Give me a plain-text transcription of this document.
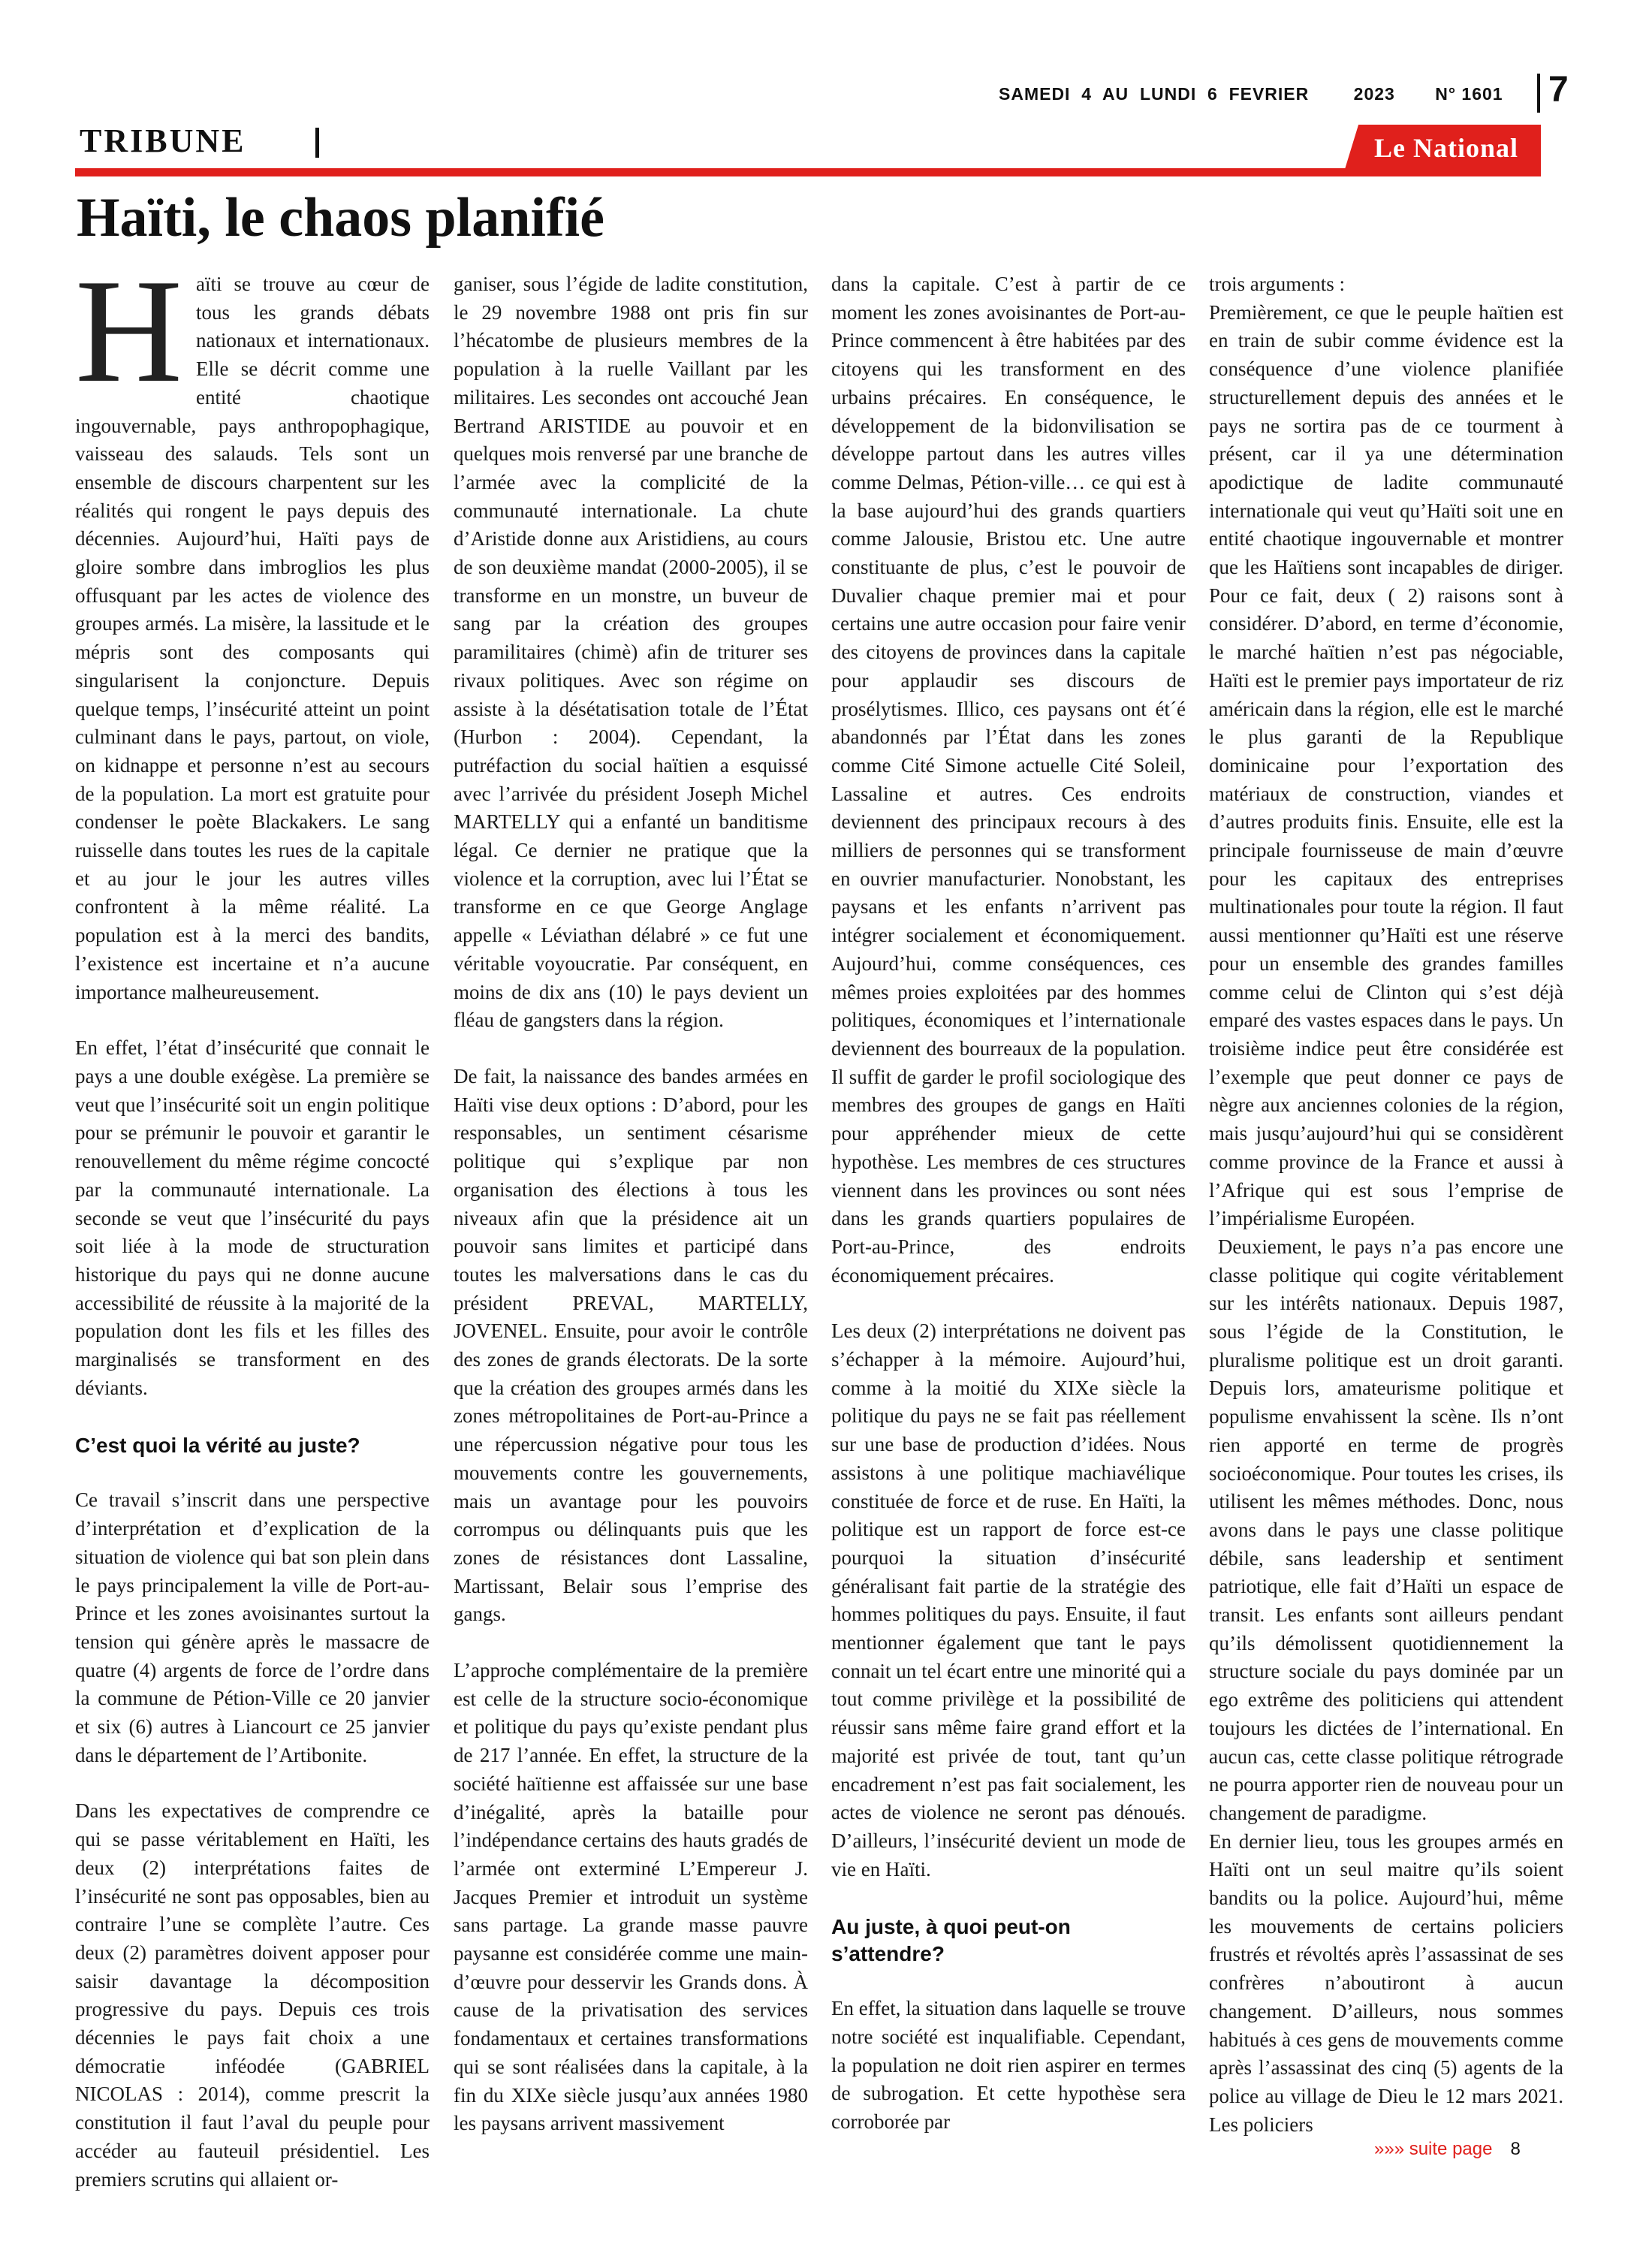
SAMEDI  4  AU  LUNDI  6  FEVRIER	2023 N° 1601 7
TRIBUNE	Le National
Haïti, le chaos planifié

Haïti se trouve au cœur de tous les grands débats nationaux et internationaux. Elle se décrit comme une entité chaotique ingouvernable, pays anthropophagique, vaisseau des salauds. Tels sont un ensemble de discours charpentent sur les réalités qui rongent le pays depuis des décennies. Aujourd’hui, Haïti pays de gloire sombre dans imbroglios les plus offusquant par les actes de violence des groupes armés. La misère, la lassitude et le mépris sont des composants qui singularisent la conjoncture. Depuis quelque temps, l’insécurité atteint un point culminant dans le pays, partout, on viole, on kidnappe et personne n’est au secours de la population. La mort est gratuite pour condenser le poète Blackakers. Le sang ruisselle dans toutes les rues de la capitale et au jour le jour les autres villes confrontent à la même réalité. La population est à la merci des bandits, l’existence est incertaine et n’a aucune importance malheureusement.

En effet, l’état d’insécurité que connait le pays a une double exégèse. La première se veut que l’insécurité soit un engin politique pour se prémunir le pouvoir et garantir le renouvellement du même régime concocté par la communauté internationale. La seconde se veut que l’insécurité du pays soit liée à la mode de structuration historique du pays qui ne donne aucune accessibilité de réussite à la majorité de la population dont les fils et les filles des marginalisés se transforment en des déviants.

C’est quoi la vérité au juste?

Ce travail s’inscrit dans une perspective d’interprétation et d’explication de la situation de violence qui bat son plein dans le pays principalement la ville de Port-au-Prince et les zones avoisinantes surtout la tension qui génère après le massacre de quatre (4) argents de force de l’ordre dans la commune de Pétion-Ville ce 20 janvier et six (6) autres à Liancourt ce 25 janvier dans le département de l’Artibonite.

Dans les expectatives de comprendre ce qui se passe véritablement en Haïti, les deux (2) interprétations faites de l’insécurité ne sont pas opposables, bien au contraire l’une se complète l’autre. Ces deux (2) paramètres doivent apposer pour saisir davantage la décomposition progressive du pays. Depuis ces trois décennies le pays fait choix a une démocratie inféodée (GABRIEL NICOLAS : 2014), comme prescrit la constitution il faut l’aval du peuple pour accéder au fauteuil présidentiel. Les premiers scrutins qui allaient or-

ganiser, sous l’égide de ladite constitution, le 29 novembre 1988 ont pris fin sur l’hécatombe de plusieurs membres de la population à la ruelle Vaillant par les militaires. Les secondes ont accouché Jean Bertrand ARISTIDE au pouvoir et en quelques mois renversé par une branche de l’armée avec la complicité de la communauté internationale. La chute d’Aristide donne aux Aristidiens, au cours de son deuxième mandat (2000-2005), il se transforme en un monstre, un buveur de sang par la création des groupes paramilitaires (chimè) afin de triturer ses rivaux politiques. Avec son régime on assiste à la désétatisation totale de l’État (Hurbon : 2004). Cependant, la putréfaction du social haïtien a esquissé avec l’arrivée du président Joseph Michel MARTELLY qui a enfanté un banditisme légal. Ce dernier ne pratique que la violence et la corruption, avec lui l’État se transforme en ce que George Anglage appelle « Léviathan délabré » ce fut une véritable voyoucratie. Par conséquent, en moins de dix ans (10) le pays devient un fléau de gangsters dans la région.

De fait, la naissance des bandes armées en Haïti vise deux options : D’abord, pour les responsables, un sentiment césarisme politique qui s’explique par non organisation des élections à tous les niveaux afin que la présidence ait un pouvoir sans limites et participé dans toutes les malversations dans le cas du président PREVAL, MARTELLY, JOVENEL. Ensuite, pour avoir le contrôle des zones de grands électorats. De la sorte que la création des groupes armés dans les zones métropolitaines de Port-au-Prince a une répercussion négative pour tous les mouvements contre les gouvernements, mais un avantage pour les pouvoirs corrompus ou délinquants puis que les zones de résistances dont Lassaline, Martissant, Belair sous l’emprise des gangs.

L’approche complémentaire de la première est celle de la structure socio-économique et politique du pays qu’existe pendant plus de 217 l’année. En effet, la structure de la société haïtienne est affaissée sur une base d’inégalité, après la bataille pour l’indépendance certains des hauts gradés de l’armée ont exterminé L’Empereur J. Jacques Premier et introduit un système sans partage. La grande masse pauvre paysanne est considérée comme une main-d’œuvre pour desservir les Grands dons. À cause de la privatisation des services fondamentaux et certaines transformations qui se sont réalisées dans la capitale, à la fin du XIXe siècle jusqu’aux années 1980 les paysans arrivent massivement

dans la capitale. C’est à partir de ce moment les zones avoisinantes de Port-au-Prince commencent à être habitées par des citoyens qui les transforment en des urbains précaires. En conséquence, le développement de la bidonvilisation se développe partout dans les autres villes comme Delmas, Pétion-ville… ce qui est à la base aujourd’hui des grands quartiers comme Jalousie, Bristou etc. Une autre constituante de plus, c’est le pouvoir de Duvalier chaque premier mai et pour certains une autre occasion pour faire venir des citoyens de provinces dans la capitale pour applaudir ses discours de prosélytismes. Illico, ces paysans ont ét´é abandonnés par l’État dans les zones comme Cité Simone actuelle Cité Soleil, Lassaline et autres. Ces endroits deviennent des principaux recours à des milliers de personnes qui se transforment en ouvrier manufacturier. Nonobstant, les paysans et les enfants n’arrivent pas intégrer socialement et économiquement. Aujourd’hui, comme conséquences, ces mêmes proies exploitées par des hommes politiques, économiques et l’internationale deviennent des bourreaux de la population. Il suffit de garder le profil sociologique des membres des groupes de gangs en Haïti pour appréhender mieux de cette hypothèse. Les membres de ces structures viennent dans les provinces ou sont nées dans les grands quartiers populaires de Port-au-Prince, des endroits économiquement précaires.

Les deux (2) interprétations ne doivent pas s’échapper à la mémoire. Aujourd’hui, comme à la moitié du XIXe siècle la politique du pays ne se fait pas réellement sur une base de production d’idées. Nous assistons à une politique machiavélique constituée de force et de ruse. En Haïti, la politique est un rapport de force est-ce pourquoi la situation d’insécurité généralisant fait partie de la stratégie des hommes politiques du pays. Ensuite, il faut mentionner également que tant le pays connait un tel écart entre une minorité qui a tout comme privilège et la possibilité de réussir sans même faire grand effort et la majorité est privée de tout, tant qu’un encadrement n’est pas fait socialement, les actes de violence ne seront pas dénoués. D’ailleurs, l’insécurité devient un mode de vie en Haïti.

Au juste, à quoi peut-on s’attendre?

En effet, la situation dans laquelle se trouve notre société est inqualifiable. Cependant, la population ne doit rien aspirer en termes de subrogation. Et cette hypothèse sera corroborée par

trois arguments :

Premièrement, ce que le peuple haïtien est en train de subir comme évidence est la conséquence d’une violence planifiée structurellement depuis des années et le pays ne sortira pas de ce tourment à présent, car il ya une détermination apodictique de ladite communauté internationale qui veut qu’Haïti soit une en entité chaotique ingouvernable et montrer que les Haïtiens sont incapables de diriger. Pour ce fait, deux ( 2) raisons sont à considérer. D’abord, en terme d’économie, le marché haïtien n’est pas négociable, Haïti est le premier pays importateur de riz américain dans la région, elle est le marché le plus garanti de la Republique dominicaine pour l’exportation des matériaux de construction, viandes et d’autres produits finis. Ensuite, elle est la principale fournisseuse de main d’œuvre pour les capitaux des entreprises multinationales pour toute la région. Il faut aussi mentionner qu’Haïti est une réserve pour un ensemble des grandes familles comme celui de Clinton qui s’est déjà emparé des vastes espaces dans le pays. Un troisième indice peut être considérée est l’exemple que peut donner ce pays de nègre aux anciennes colonies de la région, mais jusqu’aujourd’hui qui se considèrent comme province de la France et aussi à l’Afrique qui est sous l’emprise de l’impérialisme Européen.

Deuxiement, le pays n’a pas encore une classe politique qui cogite véritablement sur les intérêts nationaux. Depuis 1987, sous l’égide de la Constitution, le pluralisme politique est un droit garanti. Depuis lors, amateurisme politique et populisme envahissent la scène. Ils n’ont rien apporté en terme de progrès socioéconomique. Pour toutes les crises, ils utilisent les mêmes méthodes. Donc, nous avons dans le pays une classe politique débile, sans leadership et sentiment patriotique, elle fait d’Haïti un espace de transit. Les enfants sont ailleurs pendant qu’ils démolissent quotidiennement la structure sociale du pays dominée par un ego extrême des politiciens qui attendent toujours les dictées de l’international. En aucun cas, cette classe politique rétrograde ne pourra apporter rien de nouveau pour un changement de paradigme.

En dernier lieu, tous les groupes armés en Haïti ont un seul maitre qu’ils soient bandits ou la police. Aujourd’hui, même les mouvements de certains policiers frustrés et révoltés après l’assassinat de ses confrères n’aboutiront à aucun changement. D’ailleurs, nous sommes habitués à ces gens de mouvements comme après l’assassinat des cinq (5) agents de la police au village de Dieu le 12 mars 2021. Les policiers

»»» suite page 8
